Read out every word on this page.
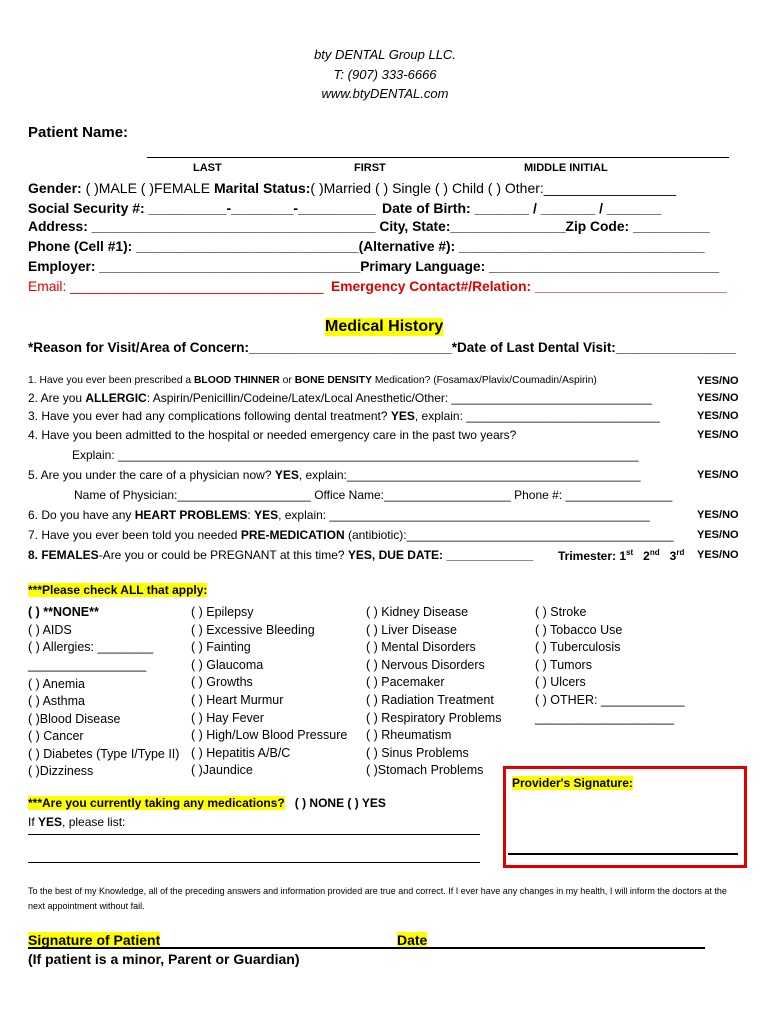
bty DENTAL Group LLC.
T: (907) 333-6666
www.btyDENTAL.com
Patient Name:
LAST	FIRST	MIDDLE INITIAL
Gender: ( )MALE ( )FEMALE Marital Status:( )Married ( ) Single ( ) Child ( ) Other:_________________
Social Security #: __________-________-__________ Date of Birth: _______ / _______ / _______
Address: _____________________________________ City, State:_______________Zip Code: __________
Phone (Cell #1): _____________________________(Alternative #): ________________________________
Employer: __________________________________Primary Language: ______________________________
Email: _________________________________ Emergency Contact#/Relation: _________________________
Medical History
*Reason for Visit/Area of Concern:___________________________*Date of Last Dental Visit:________________
1. Have you ever been prescribed a BLOOD THINNER or BONE DENSITY Medication? (Fosamax/Plavix/Coumadin/Aspirin)	YES/NO
2. Are you ALLERGIC: Aspirin/Penicillin/Codeine/Latex/Local Anesthetic/Other: ______________________________	YES/NO
3. Have you ever had any complications following dental treatment? YES, explain: _____________________________	YES/NO
4. Have you been admitted to the hospital or needed emergency care in the past two years?	YES/NO
Explain: ______________________________________________________________________________
5. Are you under the care of a physician now? YES, explain:____________________________________________	YES/NO
Name of Physician:____________________ Office Name:___________________ Phone #: ________________
6. Do you have any HEART PROBLEMS: YES, explain: ________________________________________________	YES/NO
7. Have you ever been told you needed PRE-MEDICATION (antibiotic):________________________________________ YES/NO
8. FEMALES-Are you or could be PREGNANT at this time? YES, DUE DATE: _____________ Trimester: 1st   2nd   3rd YES/NO
***Please check ALL that apply:
( ) **NONE**
( ) AIDS
( ) Allergies: ________
_________________
( ) Anemia
( ) Asthma
( )Blood Disease
( ) Cancer
( ) Diabetes (Type I/Type II)
( )Dizziness
( ) Epilepsy
( ) Excessive Bleeding
( ) Fainting
( ) Glaucoma
( ) Growths
( ) Heart Murmur
( ) Hay Fever
( ) High/Low Blood Pressure
( ) Hepatitis A/B/C
( )Jaundice
( ) Kidney Disease
( ) Liver Disease
( ) Mental Disorders
( ) Nervous Disorders
( ) Pacemaker
( ) Radiation Treatment
( ) Respiratory Problems
( ) Rheumatism
( ) Sinus Problems
( )Stomach Problems
( ) Stroke
( ) Tobacco Use
( ) Tuberculosis
( ) Tumors
( ) Ulcers
( ) OTHER: ____________
____________________
***Are you currently taking any medications? ( ) NONE ( ) YES
If YES, please list:
Provider's Signature:
To the best of my Knowledge, all of the preceding answers and information provided are true and correct. If I ever have any changes in my health, I will inform the doctors at the next appointment without fail.
Signature of Patient	Date
(If patient is a minor, Parent or Guardian)
